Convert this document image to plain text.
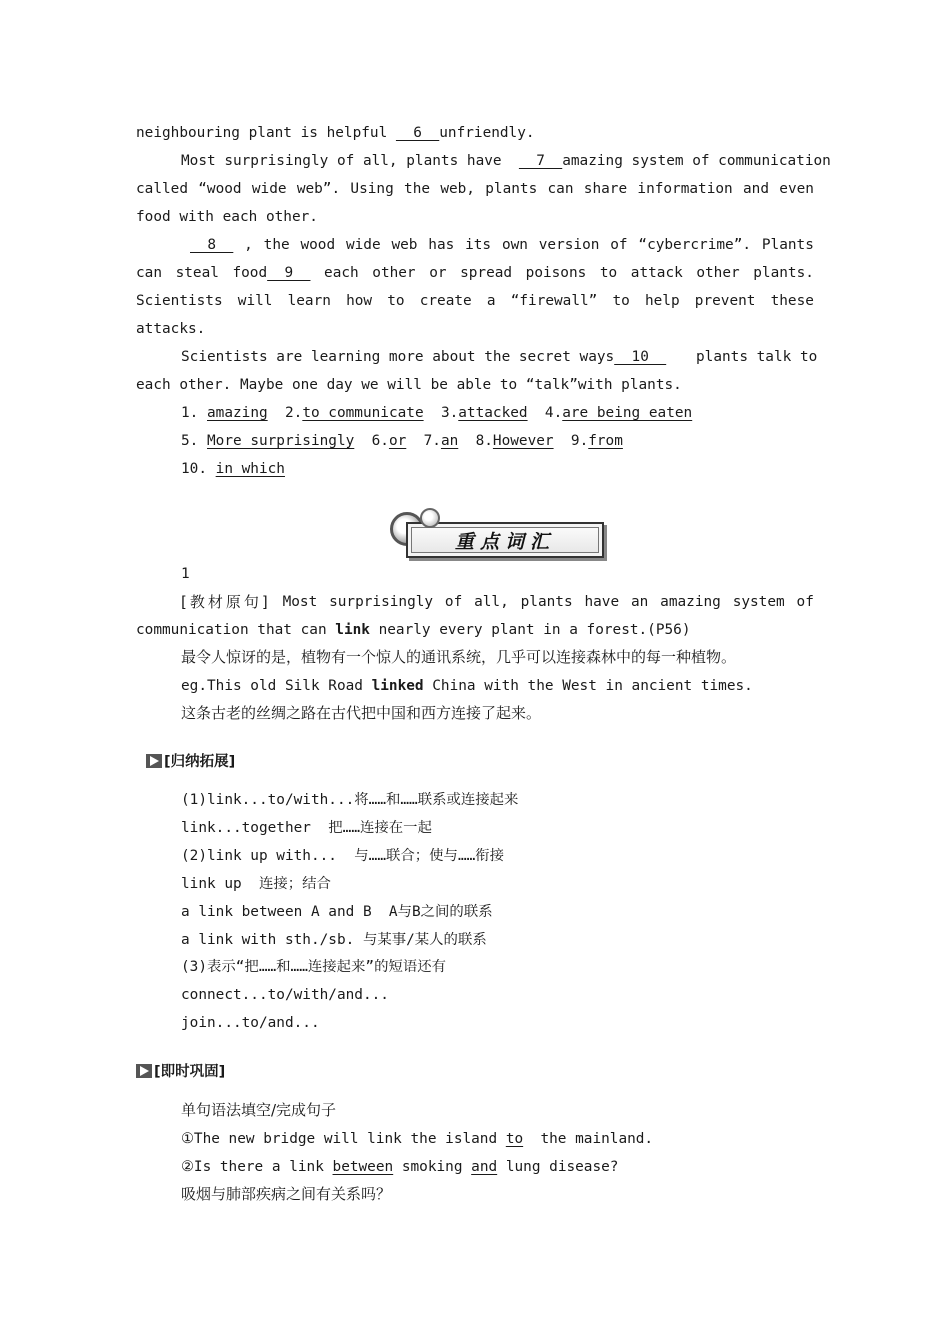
neighbouring plant is helpful   6  unfriendly.
Most surprisingly of all, plants have    7  amazing system of communication
called “wood wide web”. Using the web, plants can share information and even
food with each other.
8 , the wood wide web has its own version of “cybercrime”. Plants
can steal food  9 each other or spread poisons to attack other plants.
Scientists will learn how to create a “firewall” to help prevent these
attacks.
Scientists are learning more about the secret ways  10 plants talk to
each other. Maybe one day we will be able to “talk”with plants.
1. amazing 2.to communicate 3.attacked 4.are being eaten
5. More surprisingly 6.or 7.an 8.However 9.from
10. in which
重点词汇
1
[教材原句] Most surprisingly of all, plants have an amazing system of
communication that can link nearly every plant in a forest.(P56)
最令人惊讶的是，植物有一个惊人的通讯系统，几乎可以连接森林中的每一种植物。
eg.This old Silk Road linked China with the West in ancient times.
这条古老的丝绸之路在古代把中国和西方连接了起来。
[归纳拓展]
(1)link...to/with...将……和……联系或连接起来
link...together  把……连接在一起
(2)link up with...  与……联合；使与……衔接
link up  连接；结合
a link between A and B  A与B之间的联系
a link with sth./sb. 与某事/某人的联系
(3)表示“把……和……连接起来”的短语还有
connect...to/with/and...
join...to/and...
[即时巩固]
单句语法填空/完成句子
①The new bridge will link the island to  the mainland.
②Is there a link between smoking and lung disease?
吸烟与肺部疾病之间有关系吗？
